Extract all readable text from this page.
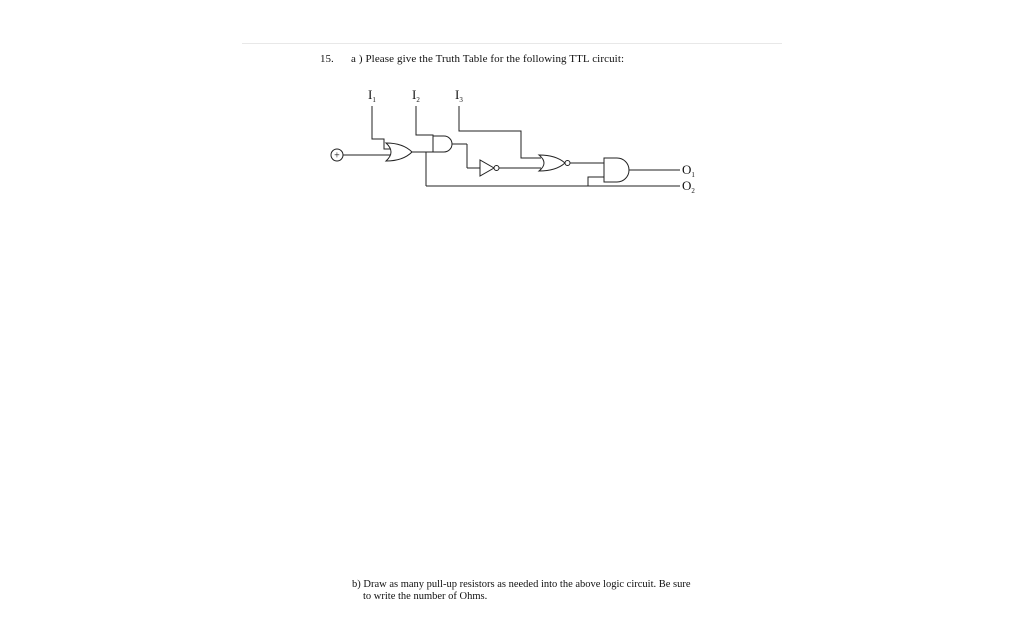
15. a ) Please give the Truth Table for the following TTL circuit:
$I_1$	$I_2$	$I_3$
+
$O_1$
$O_2$
b) Draw as many pull-up resistors as needed into the above logic circuit. Be sure
to write the number of Ohms.
